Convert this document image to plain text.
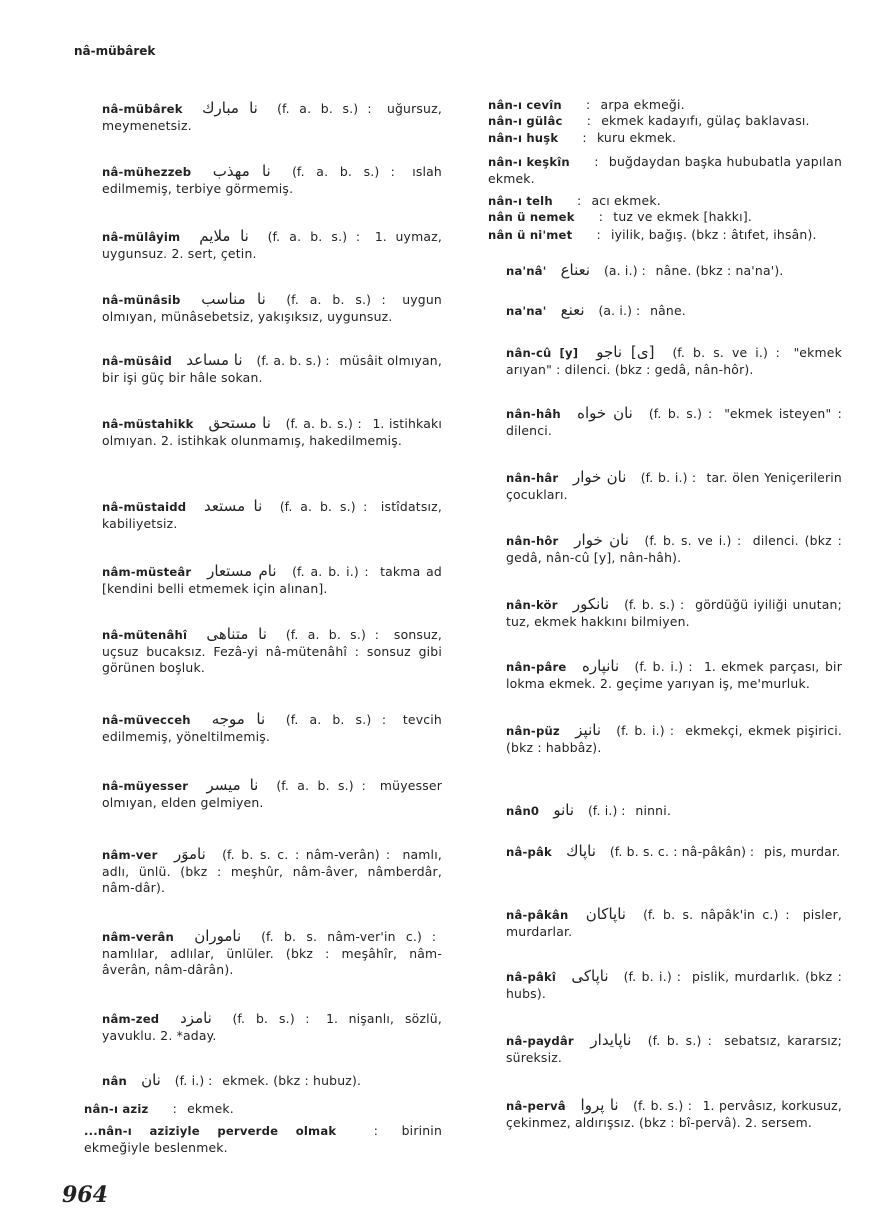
nâ-mübârek
nâ-mübârek نا مبارك (f. a. b. s.) : uğursuz, meymenetsiz.
nâ-mühezzeb نا مهذب (f. a. b. s.) : ıslah edilmemiş, terbiye görmemiş.
nâ-mülâyim نا ملايم (f. a. b. s.) : 1. uymaz, uygunsuz. 2. sert, çetin.
nâ-münâsib نا مناسب (f. a. b. s.) : uygun olmıyan, münâsebetsiz, yakışıksız, uygunsuz.
nâ-müsâid نا مساعد (f. a. b. s.) : müsâit olmıyan, bir işi güç bir hâle sokan.
nâ-müstahikk نا مستحق (f. a. b. s.) : 1. istihkakı olmıyan. 2. istihkak olunmamış, hakedilmemiş.
nâ-müstaidd نا مستعد (f. a. b. s.) : istîdatsız, kabiliyetsiz.
nâm-müsteâr نام مستعار (f. a. b. i.) : takma ad [kendini belli etmemek için alınan].
nâ-mütenâhî نا متناهى (f. a. b. s.) : sonsuz, uçsuz bucaksız. Fezâ-yi nâ-mütenâhî : sonsuz gibi görünen boşluk.
nâ-müvecceh نا موجه (f. a. b. s.) : tevcih edilmemiş, yöneltilmemiş.
nâ-müyesser نا ميسر (f. a. b. s.) : müyesser olmıyan, elden gelmiyen.
nâm-ver ناموَر (f. b. s. c. : nâm-verân) : namlı, adlı, ünlü. (bkz : meşhûr, nâm-âver, nâmberdâr, nâm-dâr).
nâm-verân ناموران (f. b. s. nâm-ver'in c.) : namlılar, adlılar, ünlüler. (bkz : meşâhîr, nâm-âverân, nâm-dârân).
nâm-zed نامزد (f. b. s.) : 1. nişanlı, sözlü, yavuklu. 2. *aday.
nân نان (f. i.) : ekmek. (bkz : hubuz).
nân-ı aziz : ekmek.
...nân-ı aziziyle perverde olmak	: birinin ekmeğiyle beslenmek.
nân-ı cevîn : arpa ekmeği.
nân-ı gülâc : ekmek kadayıfı, gülaç baklavası.
nân-ı huşk : kuru ekmek.
nân-ı keşkîn : buğdaydan başka hububatla yapılan ekmek.
nân-ı telh : acı ekmek.
nân ü nemek : tuz ve ekmek [hakkı].
nân ü ni'met : iyilik, bağış. (bkz : âtıfet, ihsân).
na'nâ' نعناع (a. i.) : nâne. (bkz : na'na').
na'na' نعنع (a. i.) : nâne.
nân-cû [y] [ى] ناجو (f. b. s. ve i.) : "ekmek arıyan" : dilenci. (bkz : gedâ, nân-hôr).
nân-hâh نان خواه (f. b. s.) : "ekmek isteyen" : dilenci.
nân-hâr نان خوار (f. b. i.) : tar. ölen Yeniçerilerin çocukları.
nân-hôr نان خوار (f. b. s. ve i.) : dilenci. (bkz : gedâ, nân-cû [y], nân-hâh).
nân-kör نانكور (f. b. s.) : gördüğü iyiliği unutan; tuz, ekmek hakkını bilmiyen.
nân-pâre نانپاره (f. b. i.) : 1. ekmek parçası, bir lokma ekmek. 2. geçime yarıyan iş, me'murluk.
nân-püz نانپز (f. b. i.) : ekmekçi, ekmek pişirici. (bkz : habbâz).
nân0 نانو (f. i.) : ninni.
nâ-pâk ناپاك (f. b. s. c. : nâ-pâkân) : pis, murdar.
nâ-pâkân ناپاكان (f. b. s. nâpâk'in c.) : pisler, murdarlar.
nâ-pâkî ناپاكى (f. b. i.) : pislik, murdarlık. (bkz : hubs).
nâ-paydâr ناپايدار (f. b. s.) : sebatsız, kararsız; süreksiz.
nâ-pervâ نا پروا (f. b. s.) : 1. pervâsız, korkusuz, çekinmez, aldırışsız. (bkz : bî-pervâ). 2. sersem.
964
